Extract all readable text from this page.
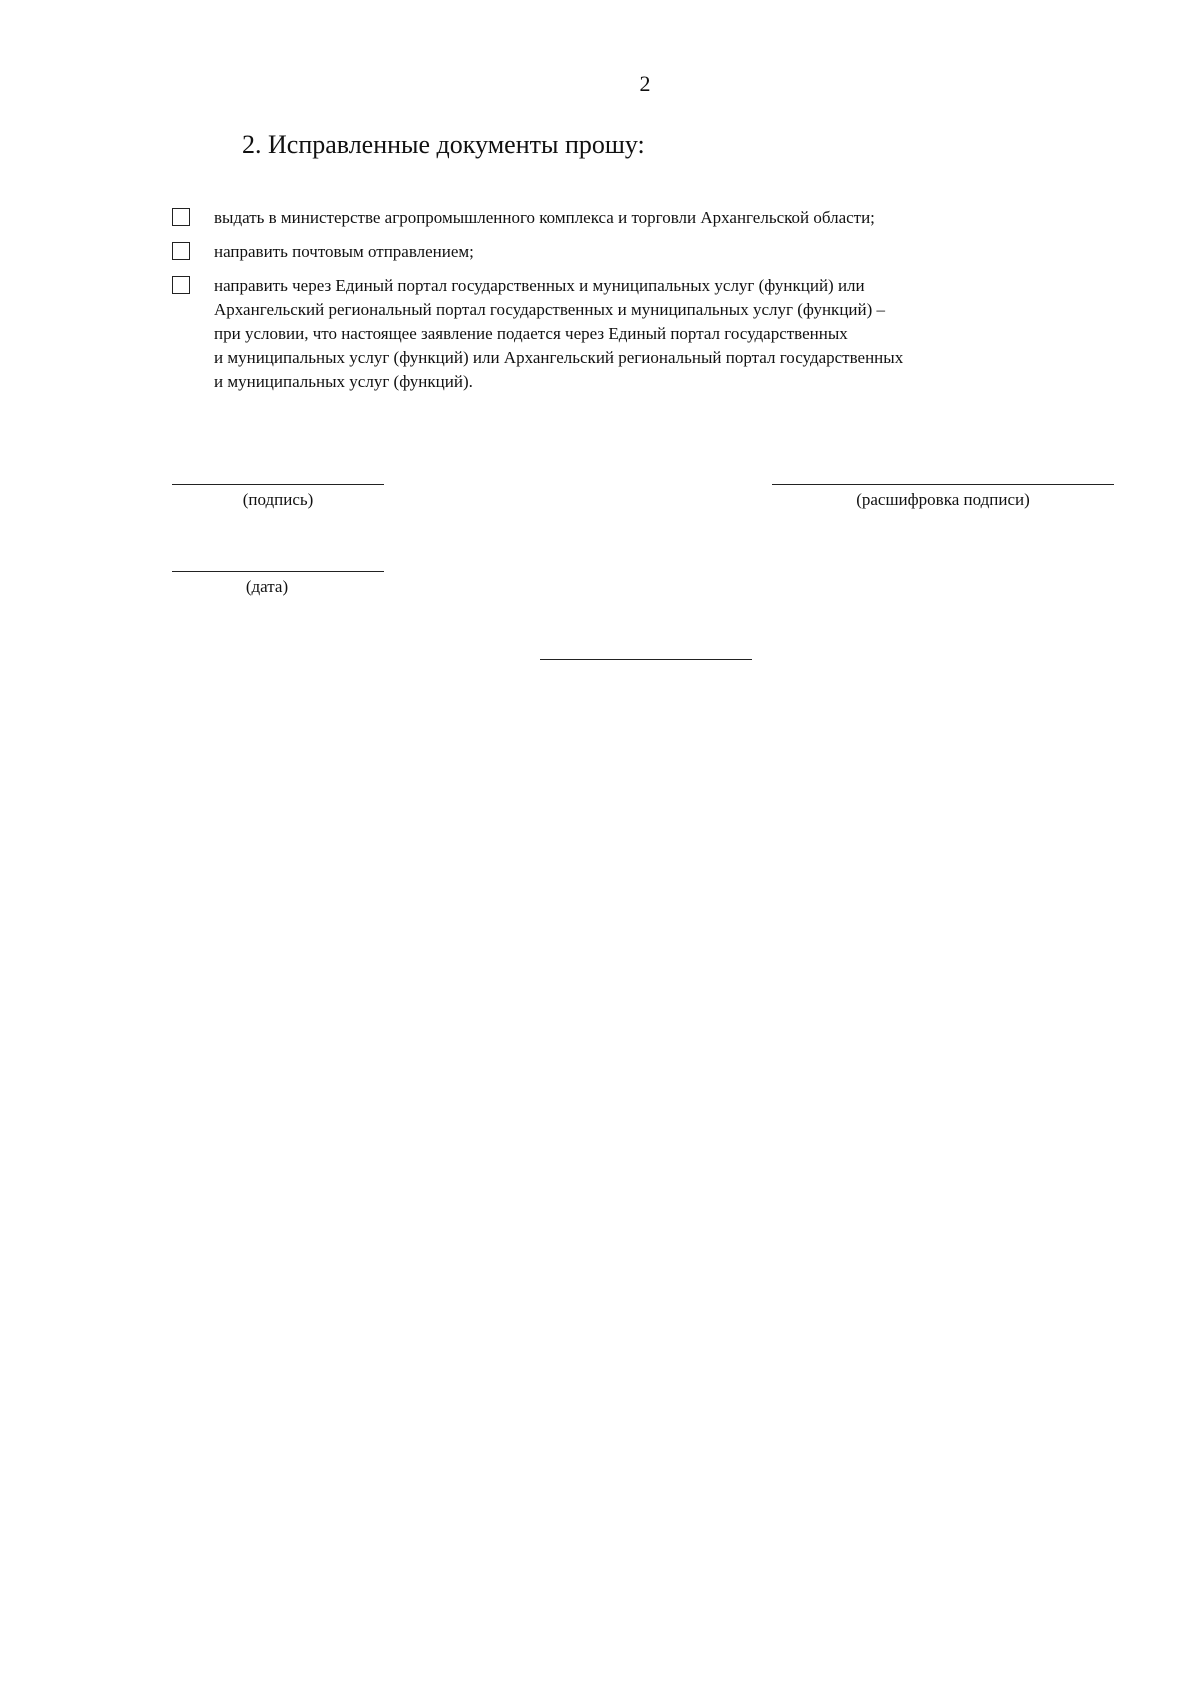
2
2. Исправленные документы прошу:
выдать в министерстве агропромышленного комплекса и торговли Архангельской области;
направить почтовым отправлением;
направить через Единый портал государственных и муниципальных услуг (функций) или
Архангельский региональный портал государственных и муниципальных услуг (функций) –
при условии, что настоящее заявление подается через Единый портал государственных
и муниципальных услуг (функций) или Архангельский региональный портал государственных
и муниципальных услуг (функций).
(подпись)	(расшифровка подписи)
(дата)
